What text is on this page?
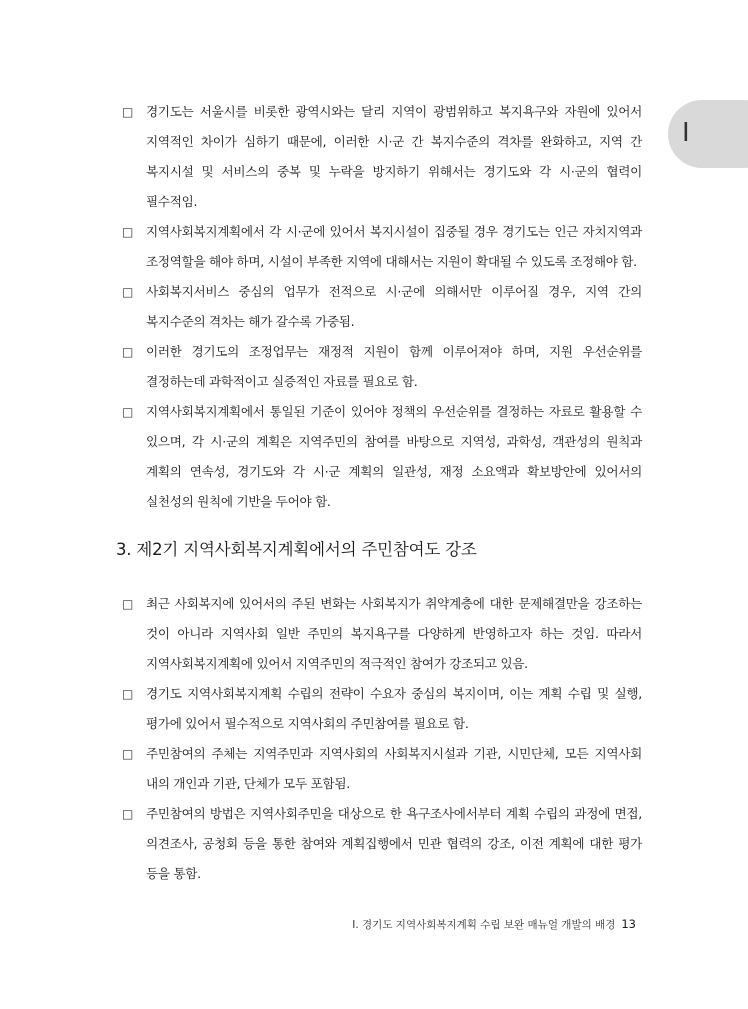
I
□ 경기도는 서울시를 비롯한 광역시와는 달리 지역이 광범위하고 복지욕구와 자원에 있어서 지역적인 차이가 심하기 때문에, 이러한 시·군 간 복지수준의 격차를 완화하고, 지역 간 복지시설 및 서비스의 중복 및 누락을 방지하기 위해서는 경기도와 각 시·군의 협력이 필수적임.
□ 지역사회복지계획에서 각 시·군에 있어서 복지시설이 집중될 경우 경기도는 인근 자치지역과 조정역할을 해야 하며, 시설이 부족한 지역에 대해서는 지원이 확대될 수 있도록 조정해야 함.
□ 사회복지서비스 중심의 업무가 전적으로 시·군에 의해서만 이루어질 경우, 지역 간의 복지수준의 격차는 해가 갈수록 가중됨.
□ 이러한 경기도의 조정업무는 재정적 지원이 함께 이루어져야 하며, 지원 우선순위를 결정하는데 과학적이고 실증적인 자료를 필요로 함.
□ 지역사회복지계획에서 통일된 기준이 있어야 정책의 우선순위를 결정하는 자료로 활용할 수 있으며, 각 시·군의 계획은 지역주민의 참여를 바탕으로 지역성, 과학성, 객관성의 원칙과 계획의 연속성, 경기도와 각 시·군 계획의 일관성, 재정 소요액과 확보방안에 있어서의 실천성의 원칙에 기반을 두어야 함.
3. 제2기 지역사회복지계획에서의 주민참여도 강조
□ 최근 사회복지에 있어서의 주된 변화는 사회복지가 취약계층에 대한 문제해결만을 강조하는 것이 아니라 지역사회 일반 주민의 복지욕구를 다양하게 반영하고자 하는 것임. 따라서 지역사회복지계획에 있어서 지역주민의 적극적인 참여가 강조되고 있음.
□ 경기도 지역사회복지계획 수립의 전략이 수요자 중심의 복지이며, 이는 계획 수립 및 실행, 평가에 있어서 필수적으로 지역사회의 주민참여를 필요로 함.
□ 주민참여의 주체는 지역주민과 지역사회의 사회복지시설과 기관, 시민단체, 모든 지역사회 내의 개인과 기관, 단체가 모두 포함됨.
□ 주민참여의 방법은 지역사회주민을 대상으로 한 욕구조사에서부터 계획 수립의 과정에 면접, 의견조사, 공청회 등을 통한 참여와 계획집행에서 민관 협력의 강조, 이전 계획에 대한 평가 등을 통함.
Ⅰ. 경기도 지역사회복지계획 수립 보완 매뉴얼 개발의 배경 13
